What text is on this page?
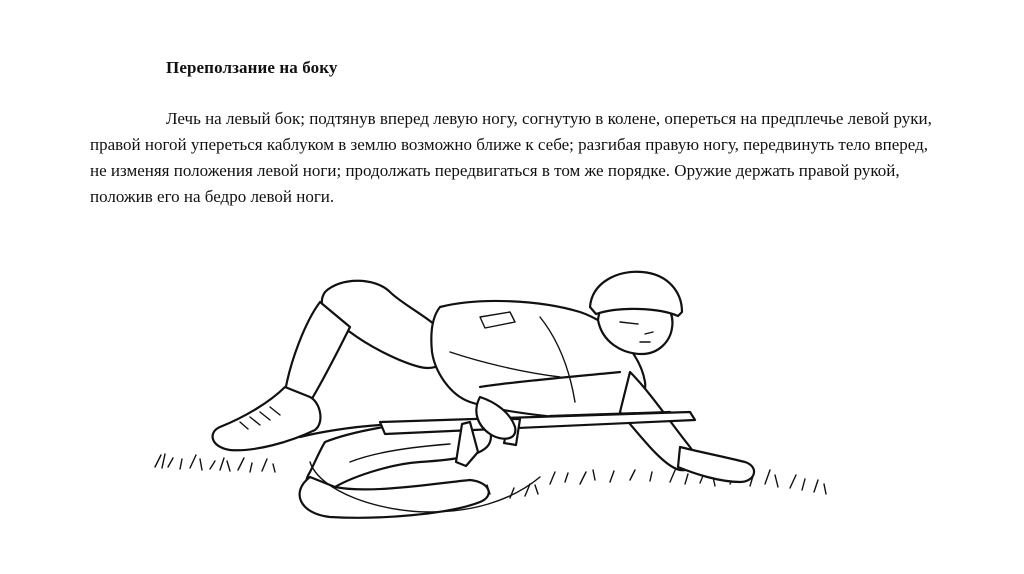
Переползание на боку
Лечь на левый бок; подтянув вперед левую ногу, согнутую в колене, опереться на предплечье левой руки, правой ногой упереться каблуком в землю возможно ближе к себе; разгибая правую ногу, передвинуть тело вперед, не изменяя положения левой ноги; продолжать передвигаться в том же порядке. Оружие держать правой рукой, положив его на бедро левой ноги.
